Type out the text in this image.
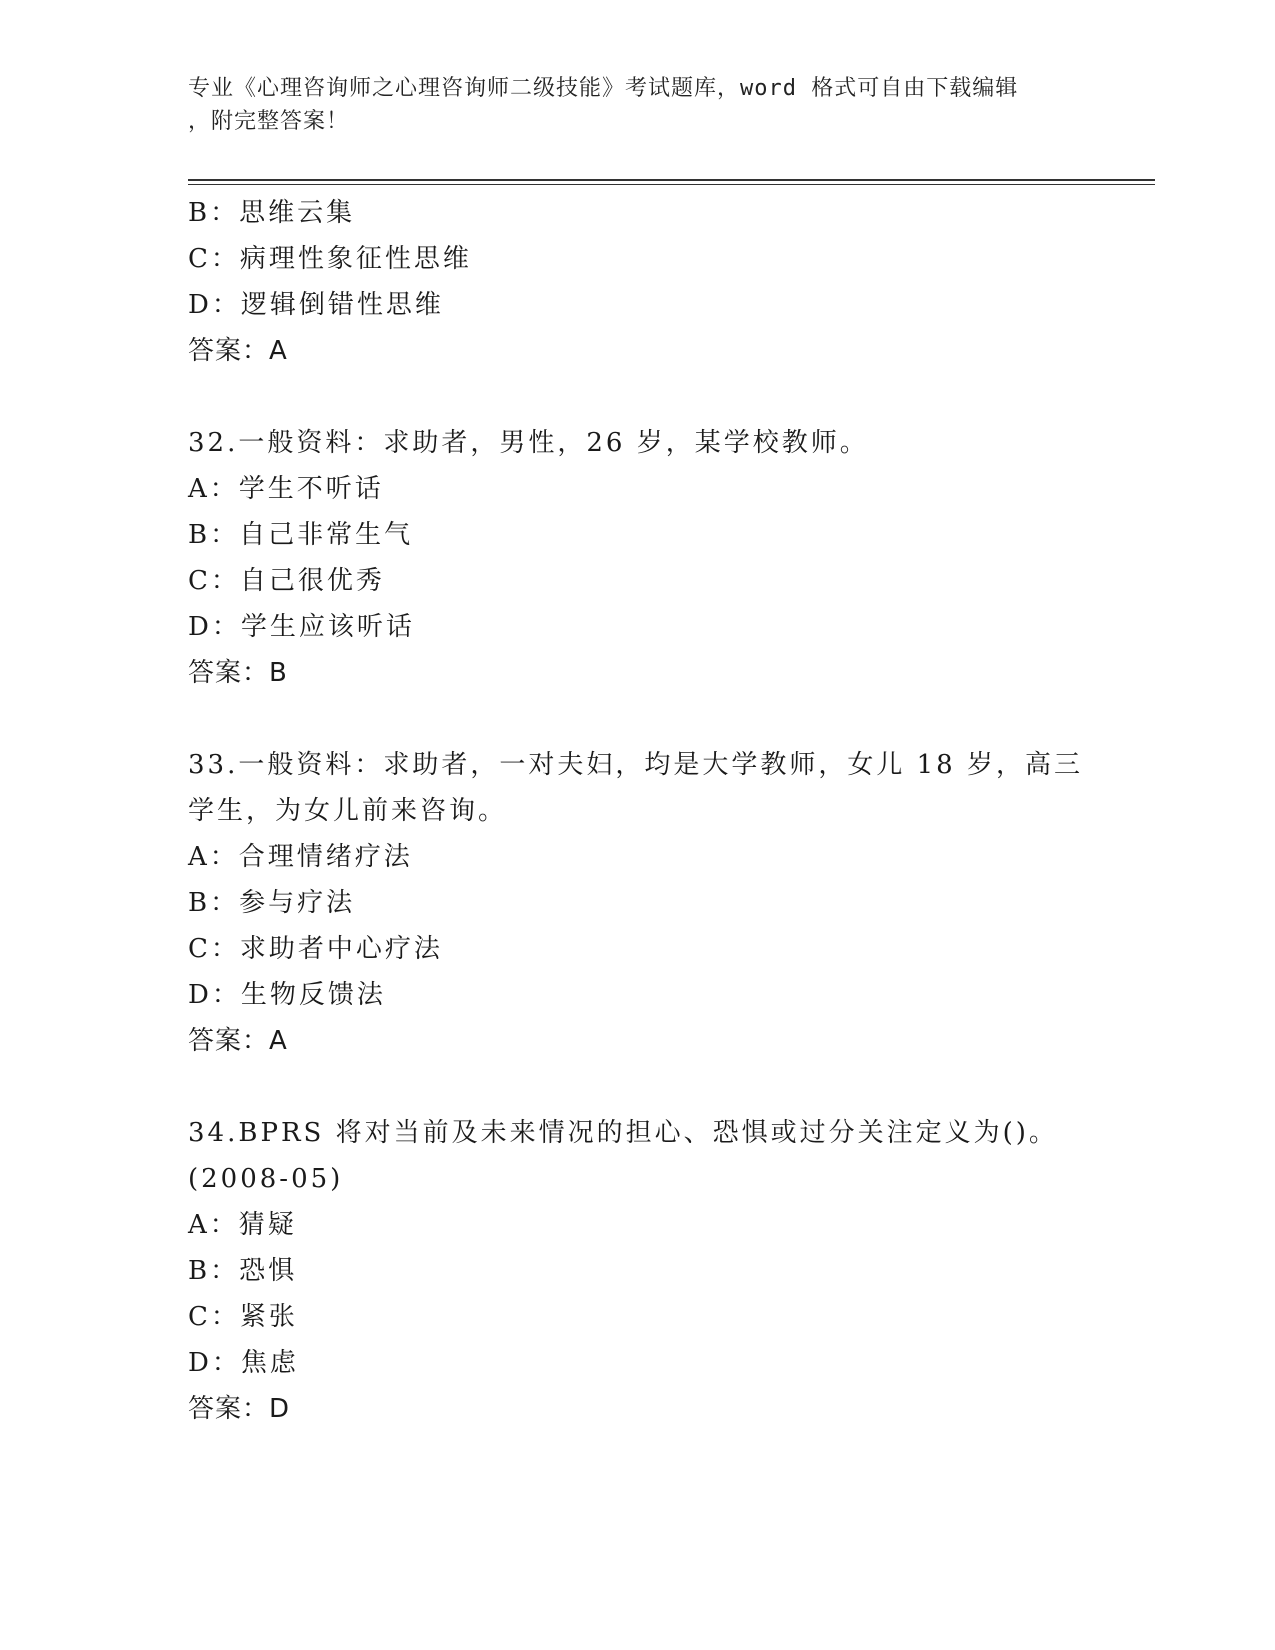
专业《心理咨询师之心理咨询师二级技能》考试题库，word 格式可自由下载编辑
，附完整答案！
B：思维云集
C：病理性象征性思维
D：逻辑倒错性思维
答案：A
32.一般资料：求助者，男性，26 岁，某学校教师。
A：学生不听话
B：自己非常生气
C：自己很优秀
D：学生应该听话
答案：B
33.一般资料：求助者，一对夫妇，均是大学教师，女儿 18 岁，高三
学生，为女儿前来咨询。
A：合理情绪疗法
B：参与疗法
C：求助者中心疗法
D：生物反馈法
答案：A
34.BPRS 将对当前及未来情况的担心、恐惧或过分关注定义为()。
(2008-05)
A：猜疑
B：恐惧
C：紧张
D：焦虑
答案：D
